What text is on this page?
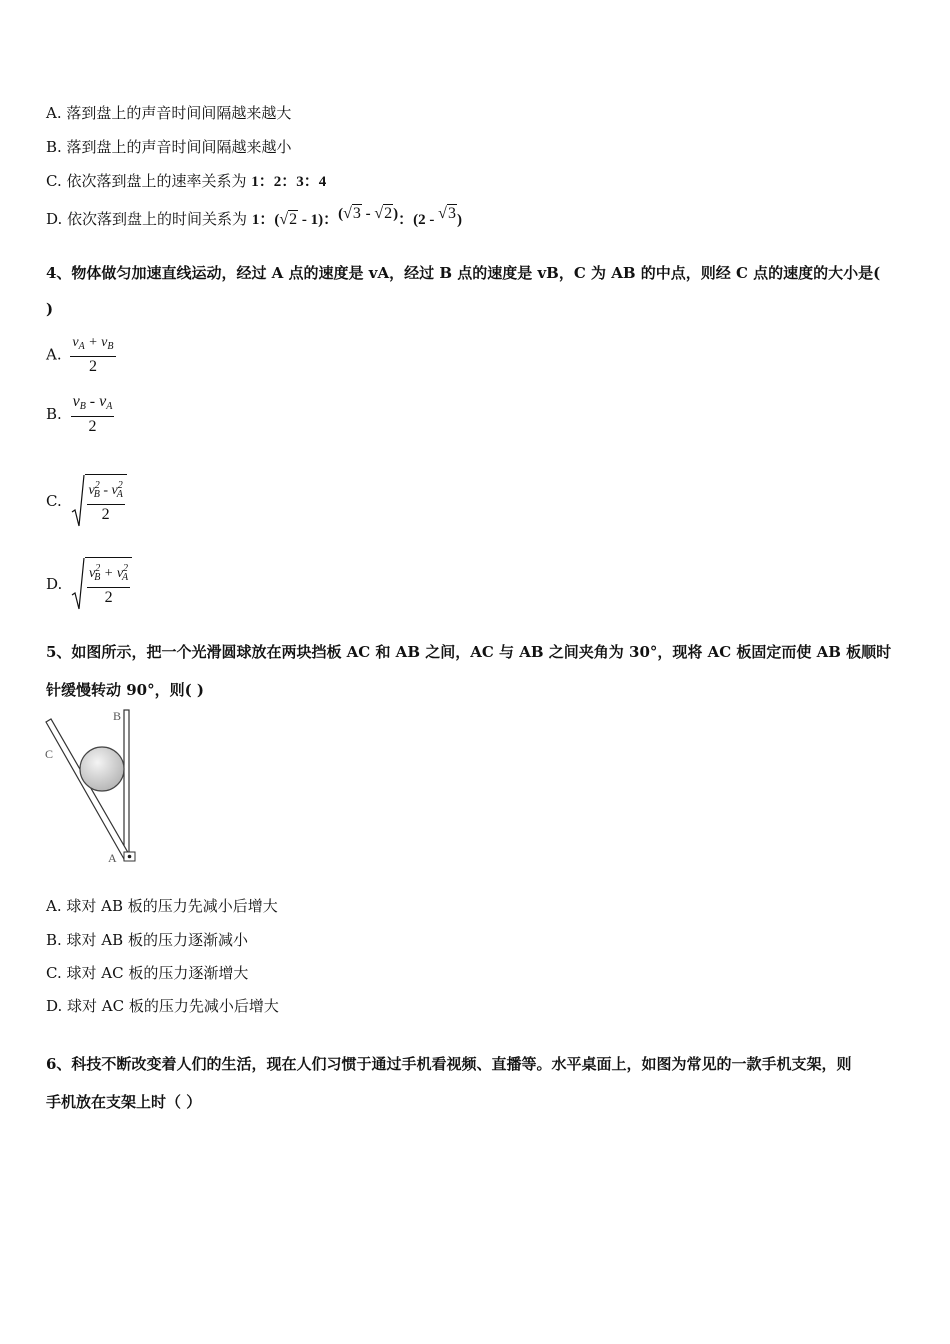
A. 落到盘上的声音时间间隔越来越大
B. 落到盘上的声音时间间隔越来越小
C. 依次落到盘上的速率关系为 1：2：3：4
D. 依次落到盘上的时间关系为 1：(√2 - 1)：(√3 - √2)：(2 - √3)
4、物体做匀加速直线运动，经过 A 点的速度是 vA，经过 B 点的速度是 vB，C 为 AB 的中点，则经 C 点的速度的大小是(
)
A. $\frac{v_A + v_B}{2}$
B. $\frac{v_B - v_A}{2}$
C. $\frac{v^2_B - v^2_A}{2}$
D. $\frac{v^2_B + v^2_A}{2}$
5、如图所示，把一个光滑圆球放在两块挡板 AC 和 AB 之间，AC 与 AB 之间夹角为 30°，现将 AC 板固定而使 AB 板顺时
针缓慢转动 90°，则( )
B
C
A
A. 球对 AB 板的压力先减小后增大
B. 球对 AB 板的压力逐渐减小
C. 球对 AC 板的压力逐渐增大
D. 球对 AC 板的压力先减小后增大
6、科技不断改变着人们的生活，现在人们习惯于通过手机看视频、直播等。水平桌面上，如图为常见的一款手机支架，则
手机放在支架上时（ ）
